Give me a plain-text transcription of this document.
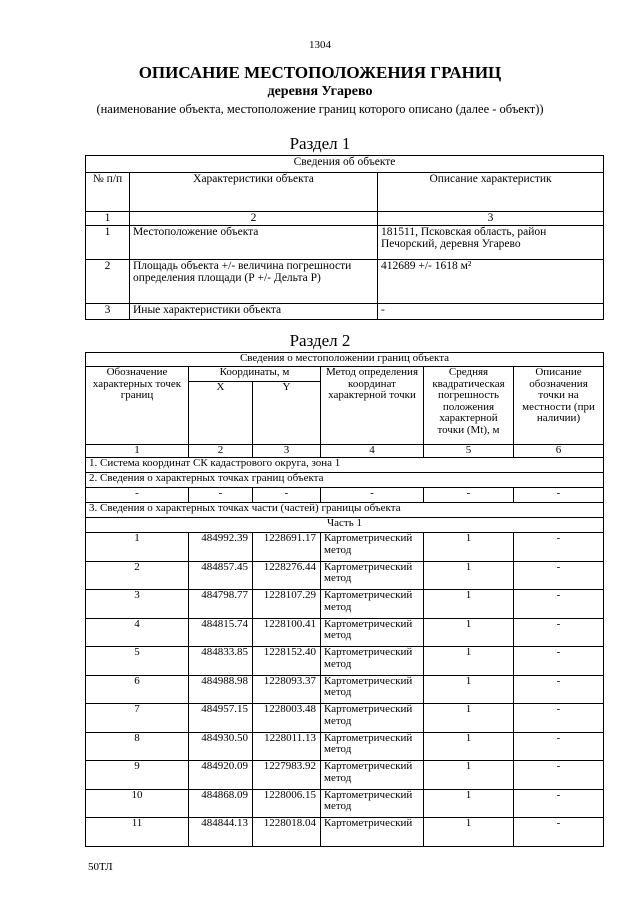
1304
ОПИСАНИЕ МЕСТОПОЛОЖЕНИЯ ГРАНИЦ
деревня Угарево
(наименование объекта, местоположение границ которого описано (далее - объект))
Раздел 1
Сведения об объекте		
№ п/п	Характеристики объекта	Описание характеристик
1	2	3
1	Местоположение объекта	181511, Псковская область, район Печорский, деревня Угарево
2	Площадь объекта +/- величина погрешности определения площади (Р +/- Дельта Р)	412689 +/- 1618 м²
3	Иные характеристики объекта	-
Раздел 2
Сведения о местоположении границ объекта					
Обозначение характерных точек границ	Координаты, м		Метод определения координат характерной точки	Средняя квадратическая погрешность положения характерной точки (Mt), м	Описание обозначения точки на местности (при наличии)
	X	Y			
1	2	3	4	5	6
1. Система координат СК кадастрового округа, зона 1					
2. Сведения о характерных точках границ объекта					
-	-	-	-	-	-
3. Сведения о характерных точках части (частей) границы объекта					
Часть 1					
1	484992.39	1228691.17	Картометрический метод	1	-
2	484857.45	1228276.44	Картометрический метод	1	-
3	484798.77	1228107.29	Картометрический метод	1	-
4	484815.74	1228100.41	Картометрический метод	1	-
5	484833.85	1228152.40	Картометрический метод	1	-
6	484988.98	1228093.37	Картометрический метод	1	-
7	484957.15	1228003.48	Картометрический метод	1	-
8	484930.50	1228011.13	Картометрический метод	1	-
9	484920.09	1227983.92	Картометрический метод	1	-
10	484868.09	1228006.15	Картометрический метод	1	-
11	484844.13	1228018.04	Картометрический	1	-
50ТЛ
